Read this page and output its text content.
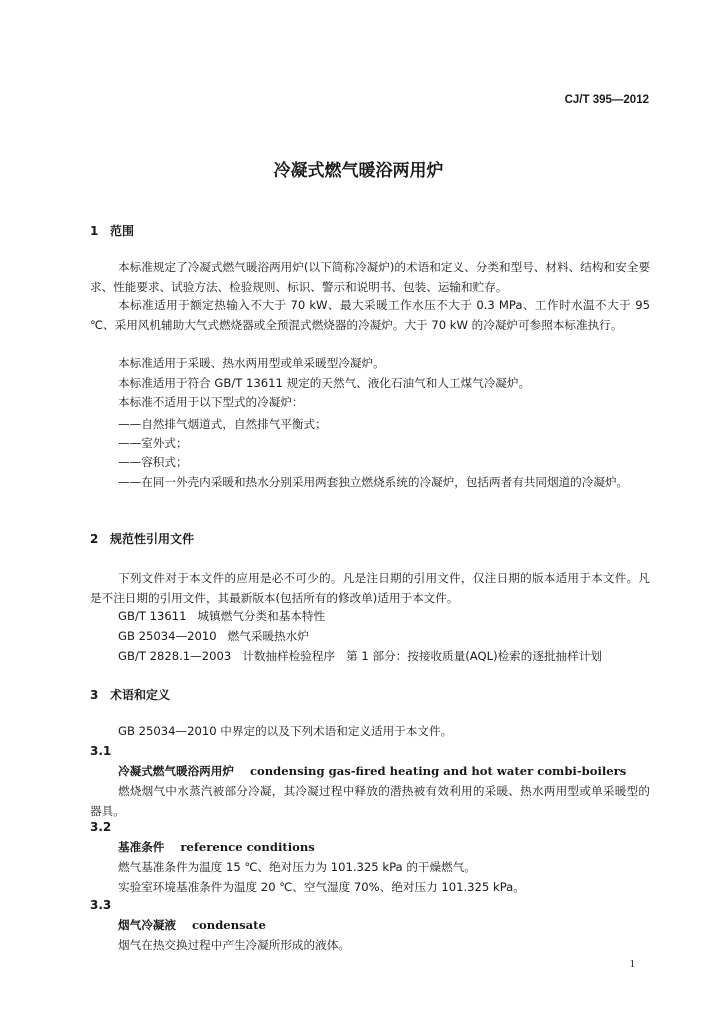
CJ/T 395—2012
冷凝式燃气暖浴两用炉
1 范围
本标准规定了冷凝式燃气暖浴两用炉(以下简称冷凝炉)的术语和定义、分类和型号、材料、结构和安全要求、性能要求、试验方法、检验规则、标识、警示和说明书、包装、运输和贮存。
本标准适用于额定热输入不大于 70 kW、最大采暖工作水压不大于 0.3 MPa、工作时水温不大于 95 ℃、采用风机辅助大气式燃烧器或全预混式燃烧器的冷凝炉。大于 70 kW 的冷凝炉可参照本标准执行。
本标准适用于采暖、热水两用型或单采暖型冷凝炉。
本标准适用于符合 GB/T 13611 规定的天然气、液化石油气和人工煤气冷凝炉。
本标准不适用于以下型式的冷凝炉：
——自然排气烟道式，自然排气平衡式；
——室外式；
——容积式；
——在同一外壳内采暖和热水分别采用两套独立燃烧系统的冷凝炉，包括两者有共同烟道的冷凝炉。
2 规范性引用文件
下列文件对于本文件的应用是必不可少的。凡是注日期的引用文件，仅注日期的版本适用于本文件。凡是不注日期的引用文件，其最新版本(包括所有的修改单)适用于本文件。
GB/T 13611   城镇燃气分类和基本特性
GB 25034—2010   燃气采暖热水炉
GB/T 2828.1—2003   计数抽样检验程序   第 1 部分：按接收质量(AQL)检索的逐批抽样计划
3 术语和定义
GB 25034—2010 中界定的以及下列术语和定义适用于本文件。
3.1
冷凝式燃气暖浴两用炉 condensing gas-fired heating and hot water combi-boilers
燃烧烟气中水蒸汽被部分冷凝，其冷凝过程中释放的潜热被有效利用的采暖、热水两用型或单采暖型的器具。
3.2
基准条件 reference conditions
燃气基准条件为温度 15 ℃、绝对压力为 101.325 kPa 的干燥燃气。
实验室环境基准条件为温度 20 ℃、空气湿度 70%、绝对压力 101.325 kPa。
3.3
烟气冷凝液 condensate
烟气在热交换过程中产生冷凝所形成的液体。
1
